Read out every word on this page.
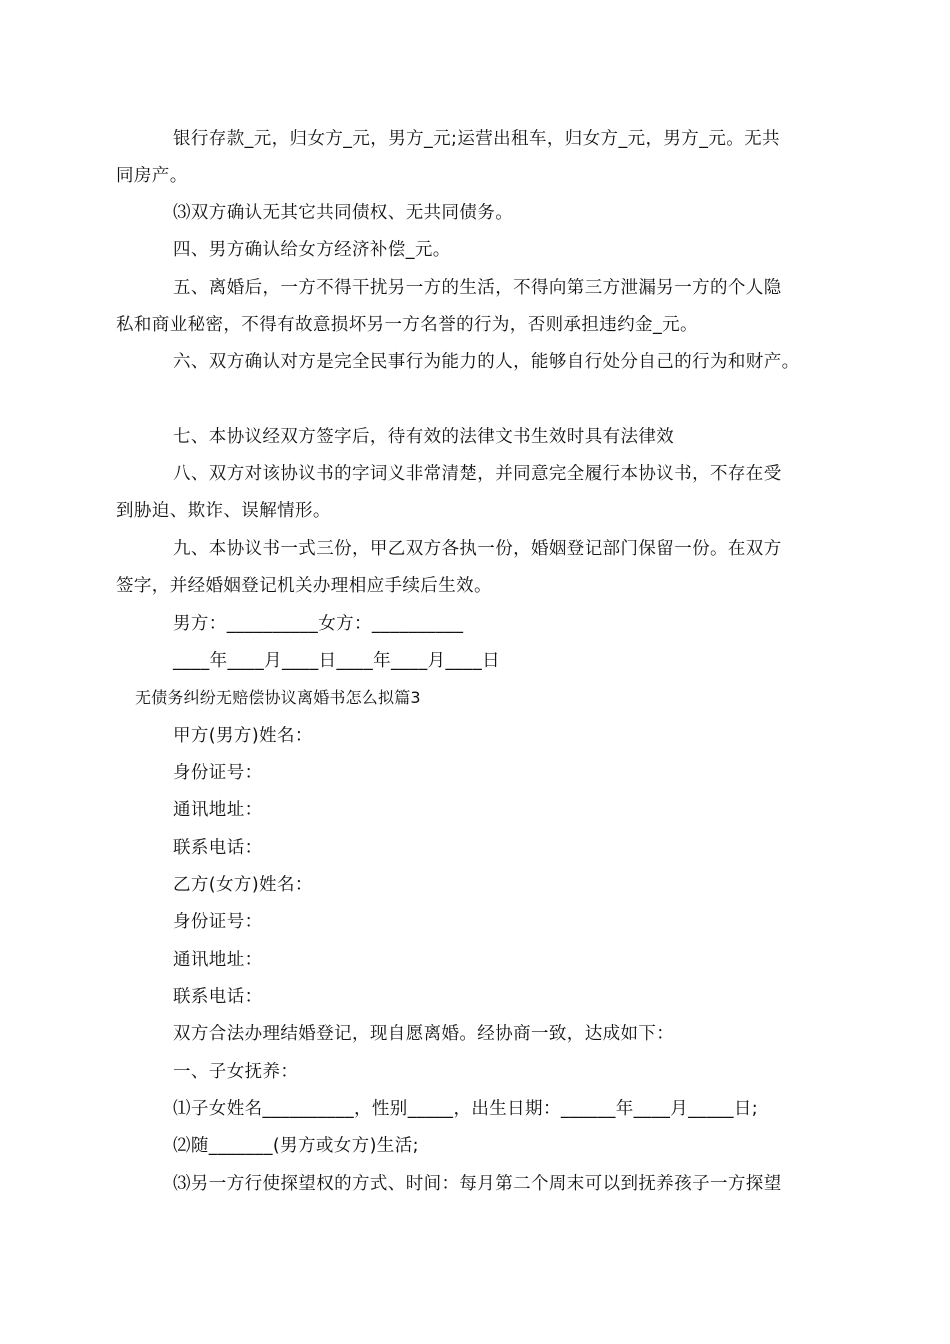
银行存款_元，归女方_元，男方_元;运营出租车，归女方_元，男方_元。无共

同房产。

⑶双方确认无其它共同债权、无共同债务。

四、男方确认给女方经济补偿_元。

五、离婚后，一方不得干扰另一方的生活，不得向第三方泄漏另一方的个人隐

私和商业秘密，不得有故意损坏另一方名誉的行为，否则承担违约金_元。

六、双方确认对方是完全民事行为能力的人，能够自行处分自己的行为和财产。

七、本协议经双方签字后，待有效的法律文书生效时具有法律效

八、双方对该协议书的字词义非常清楚，并同意完全履行本协议书，不存在受

到胁迫、欺诈、误解情形。

九、本协议书一式三份，甲乙双方各执一份，婚姻登记部门保留一份。在双方

签字，并经婚姻登记机关办理相应手续后生效。

男方：__________女方：__________

____年____月____日____年____月____日

无债务纠纷无赔偿协议离婚书怎么拟篇3

甲方(男方)姓名：

身份证号：

通讯地址：

联系电话：

乙方(女方)姓名：

身份证号：

通讯地址：

联系电话：

双方合法办理结婚登记，现自愿离婚。经协商一致，达成如下：

一、子女抚养：

⑴子女姓名__________，性别_____，出生日期：______年____月_____日;

⑵随_______(男方或女方)生活;

⑶另一方行使探望权的方式、时间：每月第二个周末可以到抚养孩子一方探望
